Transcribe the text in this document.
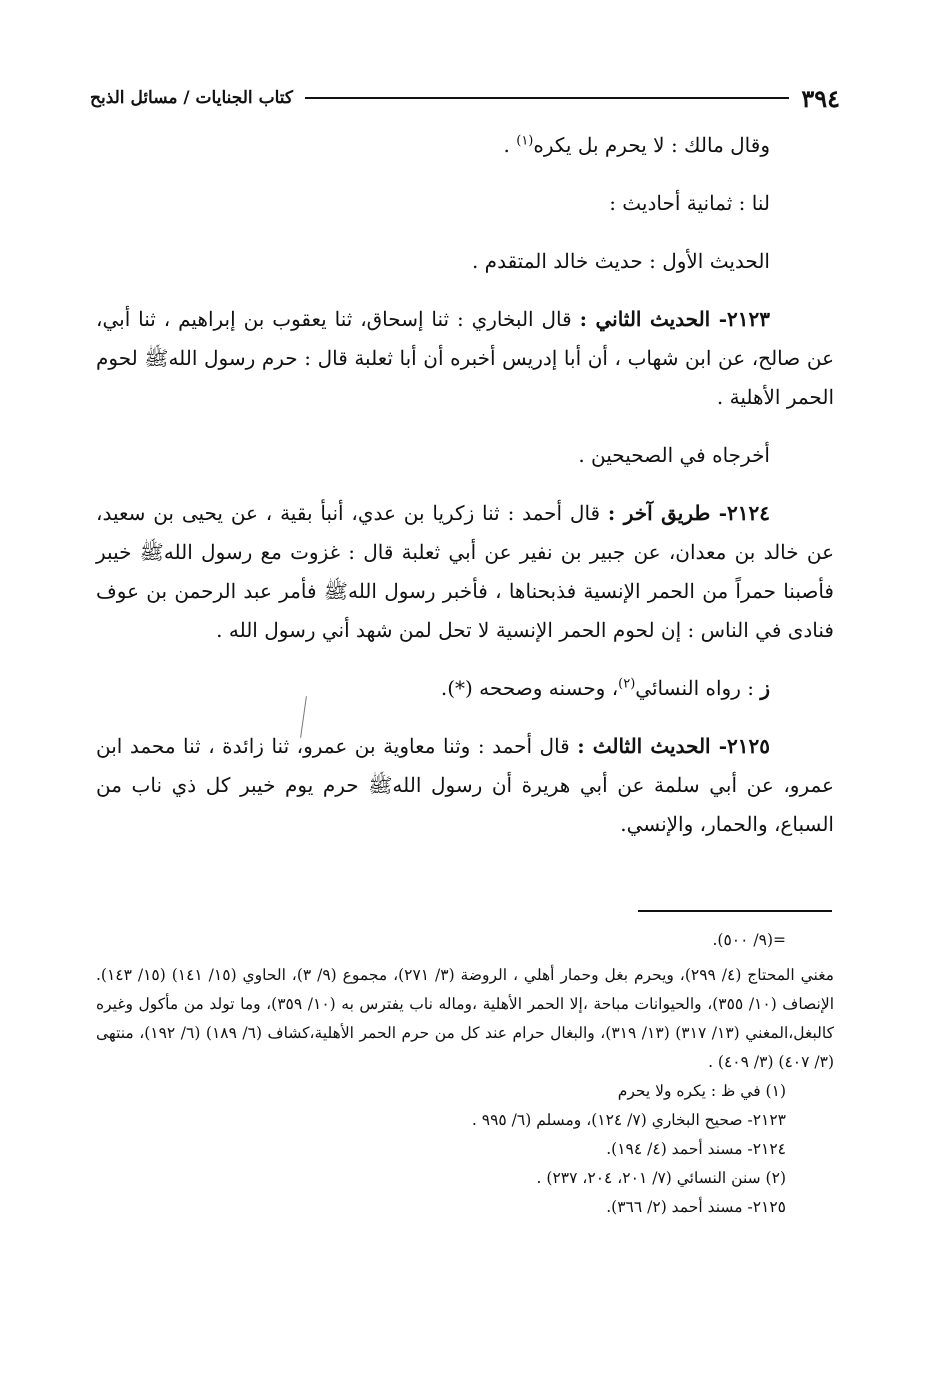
٣٩٤
كتاب الجنايات / مسائل الذبح

وقال مالك : لا يحرم بل يكره$^{(١)}$ .

لنا : ثمانية أحاديث :

الحديث الأول : حديث خالد المتقدم .

٢١٢٣- الحديث الثاني : قال البخاري : ثنا إسحاق، ثنا يعقوب بن إبراهيم ، ثنا أبي، عن صالح، عن ابن شهاب ، أن أبا إدريس أخبره أن أبا ثعلبة قال : حرم رسول اللهﷺ لحوم الحمر الأهلية .

أخرجاه في الصحيحين .

٢١٢٤- طريق آخر : قال أحمد : ثنا زكريا بن عدي، أنبأ بقية ، عن يحيى بن سعيد، عن خالد بن معدان، عن جبير بن نفير عن أبي ثعلبة قال : غزوت مع رسول اللهﷺ خيبر فأصبنا حمراً من الحمر الإنسية فذبحناها ، فأخبر رسول اللهﷺ فأمر عبد الرحمن بن عوف فنادى في الناس : إن لحوم الحمر الإنسية لا تحل لمن شهد أني رسول الله .

ز : رواه النسائي$^{(٢)}$، وحسنه وصححه (*).

٢١٢٥- الحديث الثالث : قال أحمد : وثنا معاوية بن عمرو، ثنا زائدة ، ثنا محمد ابن عمرو، عن أبي سلمة عن أبي هريرة أن رسول اللهﷺ حرم يوم خيبر كل ذي ناب من السباع، والحمار، والإنسي.

=(٩/ ٥٠٠).

مغني المحتاج (٤/ ٢٩٩)، ويحرم بغل وحمار أهلي ، الروضة (٣/ ٢٧١)، مجموع (٩/ ٣)، الحاوي (١٥/ ١٤١) (١٥/ ١٤٣). الإنصاف (١٠/ ٣٥٥)، والحيوانات مباحة ،إلا الحمر الأهلية ،وماله ناب يفترس به (١٠/ ٣٥٩)، وما تولد من مأكول وغيره كالبغل،المغني (١٣/ ٣١٧) (١٣/ ٣١٩)، والبغال حرام عند كل من حرم الحمر الأهلية،كشاف (٦/ ١٨٩) (٦/ ١٩٢)، منتهى (٣/ ٤٠٧) (٣/ ٤٠٩) .

(١) في ظ : يكره ولا يحرم

٢١٢٣- صحيح البخاري (٧/ ١٢٤)، ومسلم (٦/ ٩٩٥ .

٢١٢٤- مسند أحمد (٤/ ١٩٤).

(٢) سنن النسائي (٧/ ٢٠١، ٢٠٤، ٢٣٧) .

٢١٢٥- مسند أحمد (٢/ ٣٦٦).
